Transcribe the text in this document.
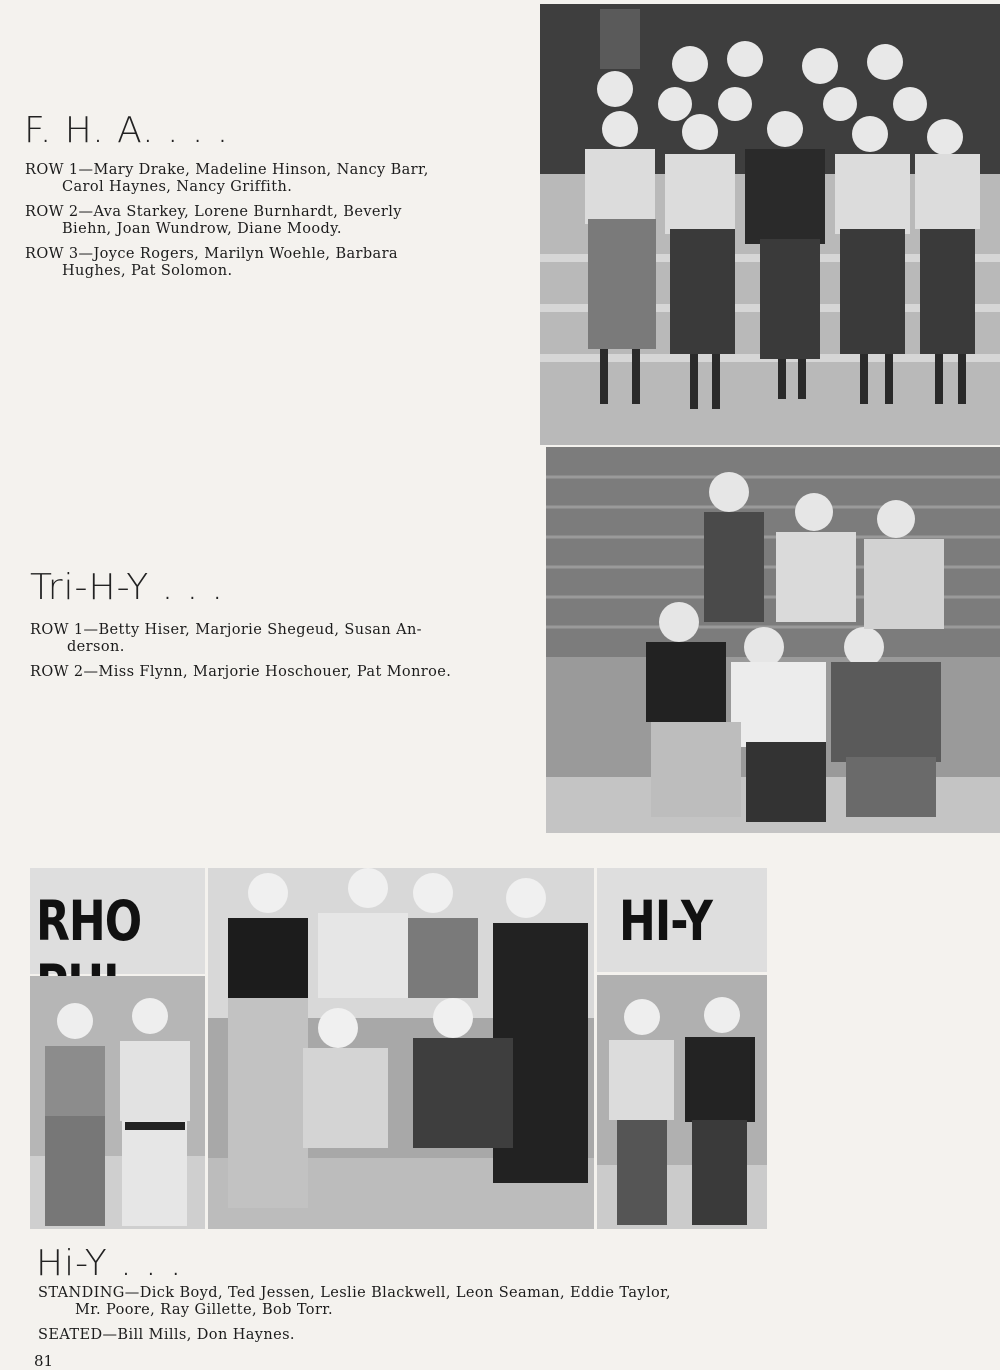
F. H. A. . . .

ROW 1—Mary Drake, Madeline Hinson, Nancy Barr,
Carol Haynes, Nancy Griffith.

ROW 2—Ava Starkey, Lorene Burnhardt, Beverly
Biehn, Joan Wundrow, Diane Moody.

ROW 3—Joyce Rogers, Marilyn Woehle, Barbara
Hughes, Pat Solomon.

Tri-H-Y . . .

ROW 1—Betty Hiser, Marjorie Shegeud, Susan An-
derson.

ROW 2—Miss Flynn, Marjorie Hoschouer, Pat Monroe.

RHO	HI-Y
Hi-Y . . .

STANDING—Dick Boyd, Ted Jessen, Leslie Blackwell, Leon Seaman, Eddie Taylor,
Mr. Poore, Ray Gillette, Bob Torr.

SEATED—Bill Mills, Don Haynes.

81
